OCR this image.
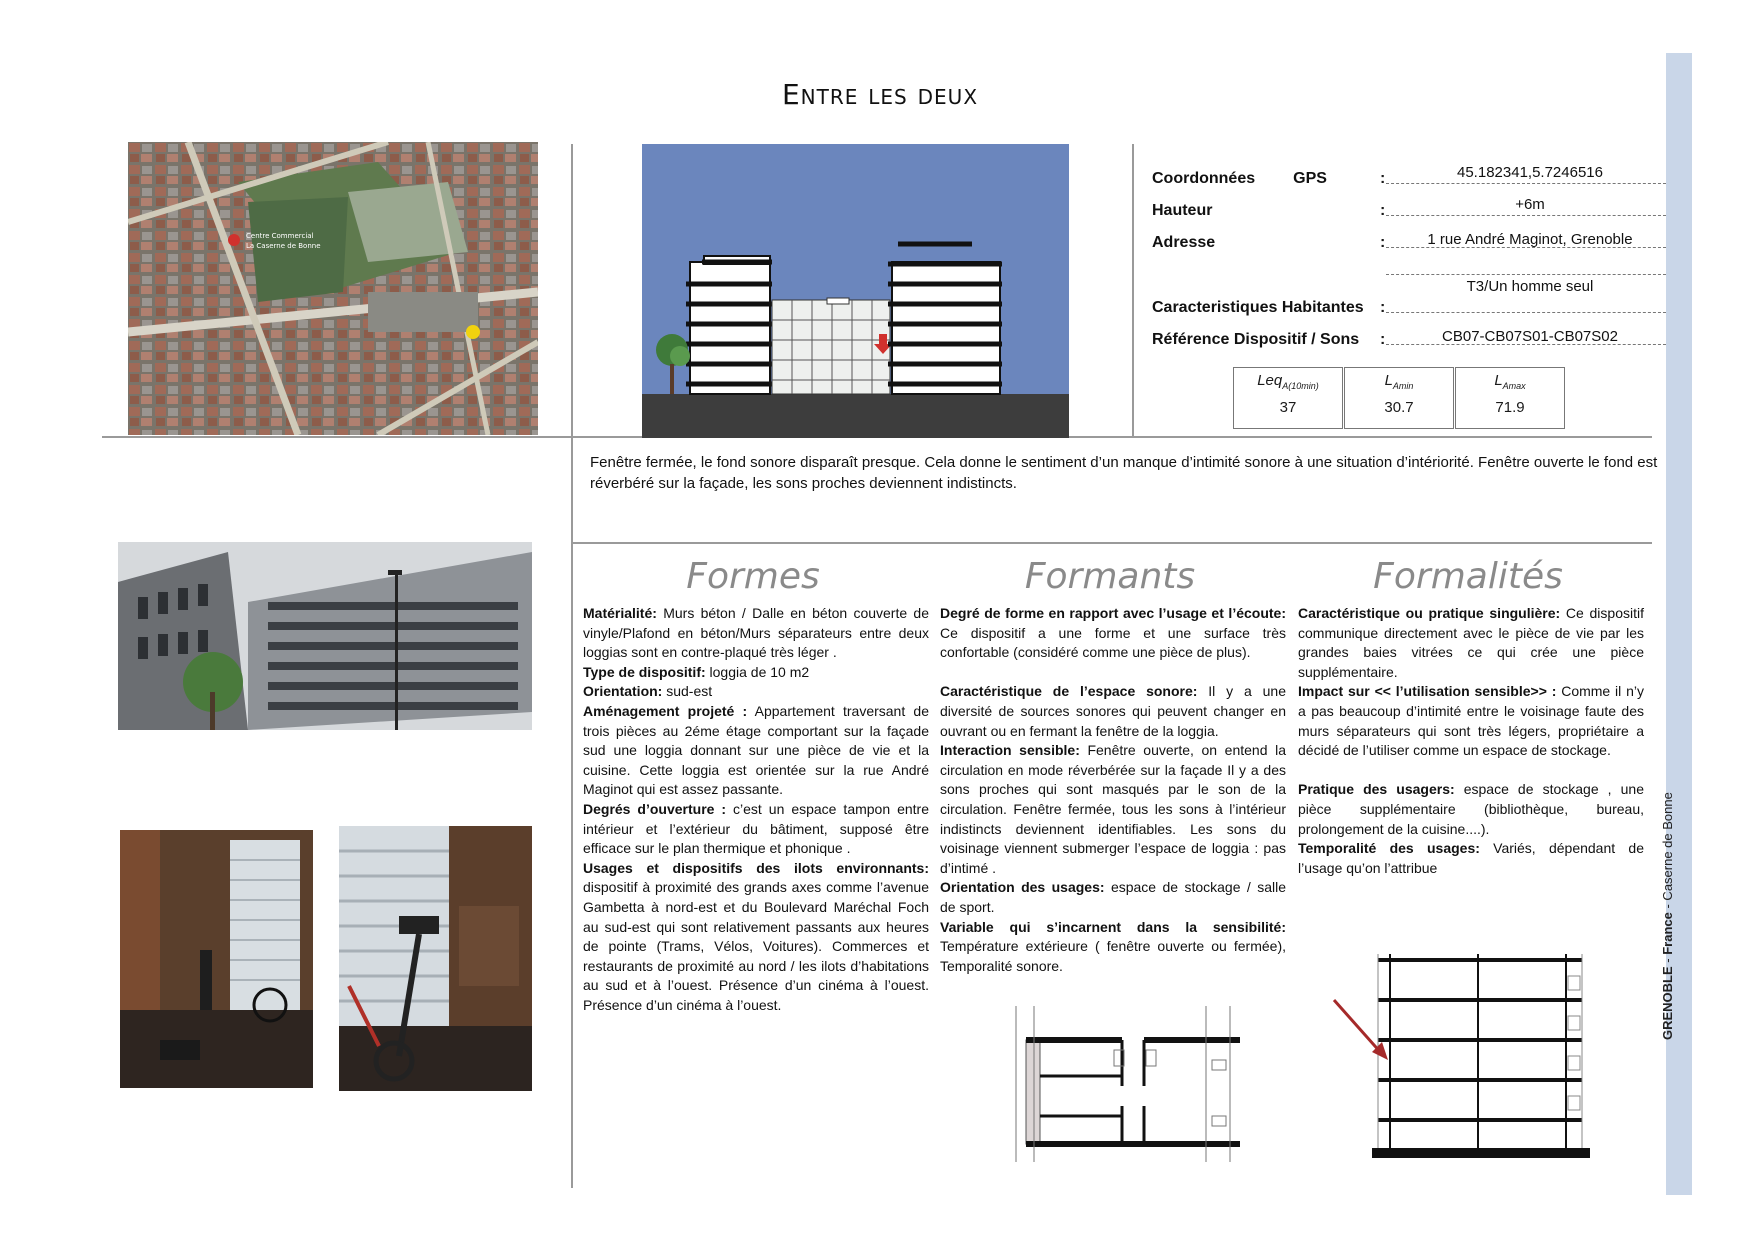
Entre les deux
GRENOBLE - France - Caserne de Bonne
Centre Commercial
La Caserne de Bonne
Coordonnées GPS	:	45.182341,5.7246516
Hauteur	:	+6m
Adresse	:	1 rue André Maginot, Grenoble
Caracteristiques Habitantes :
T3/Un homme seul
Référence Dispositif / Sons :	CB07-CB07S01-CB07S02
Leq$_{A(10min)}$
37
$L_{Amin}$
30.7
$L_{Amax}$
71.9
Fenêtre fermée, le fond sonore disparaît presque. Cela donne le sentiment d’un manque d’intimité sonore à une situation d’intériorité. Fenêtre ouverte le fond est réverbéré sur la façade, les sons proches deviennent indistincts.
Formes	Formants	Formalités

Matérialité: Murs béton / Dalle en béton couverte de vinyle/Plafond en béton/Murs séparateurs entre deux loggias sont en contre-plaqué très léger .

Type de dispositif: loggia de 10 m2

Orientation: sud-est

Aménagement projeté : Appartement traversant de trois pièces au 2éme étage comportant sur la façade sud une loggia donnant sur une pièce de vie et la cuisine. Cette loggia est orientée sur la rue André Maginot qui est assez passante.

Degrés d’ouverture : c’est un espace tampon entre intérieur et l’extérieur du bâtiment, supposé être efficace sur le plan thermique et phonique .

Usages et dispositifs des ilots environnants: dispositif à proximité des grands axes comme l’avenue Gambetta à nord-est et du Boulevard Maréchal Foch au sud-est qui sont relativement passants aux heures de pointe (Trams, Vélos, Voitures). Commerces et restaurants de proximité au nord / les ilots d’habitations au sud et à l’ouest. Présence d’un cinéma à l’ouest. Présence d’un cinéma à l’ouest.

Degré de forme en rapport avec l’usage et l’écoute: Ce dispositif a une forme et une surface très confortable (considéré comme une pièce de plus).

Caractéristique de l’espace sonore: Il y a une diversité de sources sonores qui peuvent changer en ouvrant ou en fermant la fenêtre de la loggia.

Interaction sensible: Fenêtre ouverte, on entend la circulation en mode réverbérée sur la façade Il y a des sons proches qui sont masqués par le son de la circulation. Fenêtre fermée, tous les sons à l’intérieur indistincts deviennent identifiables. Les sons du voisinage viennent submerger l’espace de loggia : pas d’intimé .

Orientation des usages: espace de stockage / salle de sport.

Variable qui s’incarnent dans la sensibilité: Température extérieure ( fenêtre ouverte ou fermée), Temporalité sonore.

Caractéristique ou pratique singulière: Ce dispositif communique directement avec le pièce de vie par les grandes baies vitrées ce qui crée une pièce supplémentaire.

Impact sur << l’utilisation sensible>> : Comme il n’y a pas beaucoup d’intimité entre le voisinage faute des murs séparateurs qui sont très légers, propriétaire a décidé de l’utiliser comme un espace de stockage.

Pratique des usagers: espace de stockage , une pièce supplémentaire (bibliothèque, bureau, prolongement de la cuisine....).

Temporalité des usages: Variés, dépendant de l’usage qu’on l’attribue
